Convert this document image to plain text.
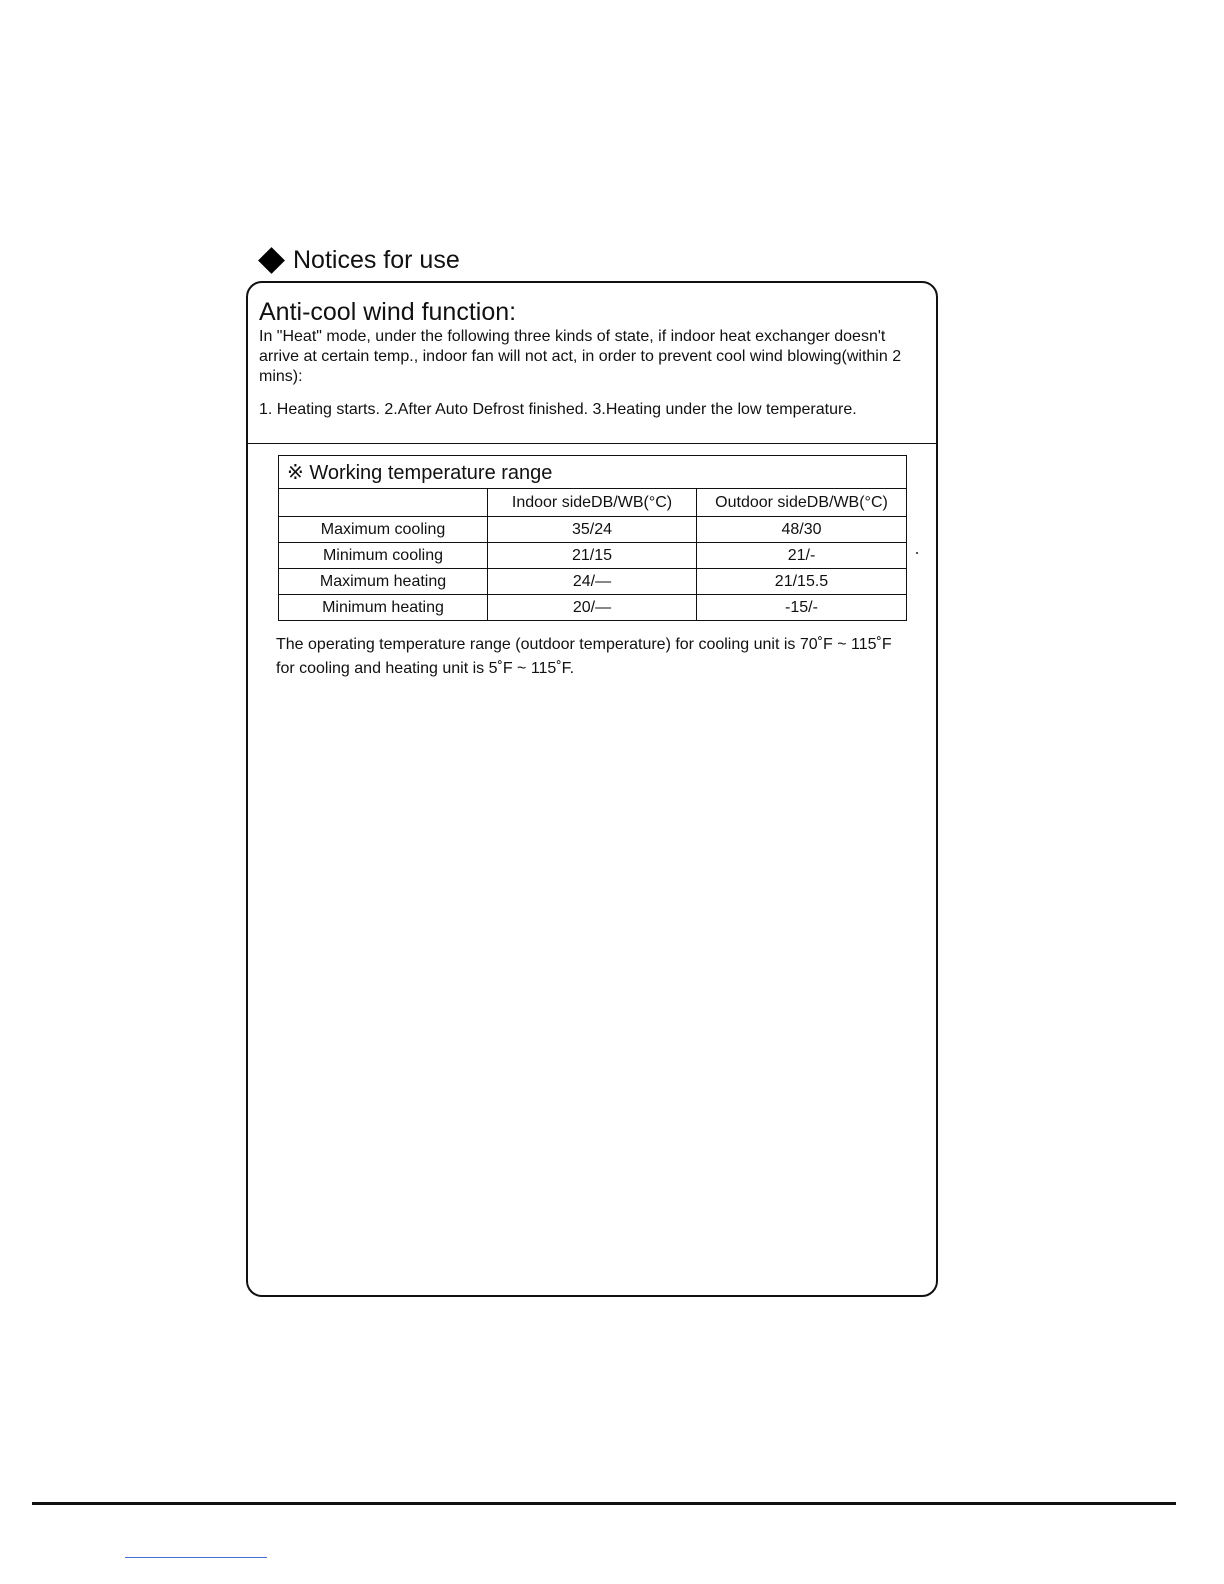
Notices for use
Anti-cool wind function:
In "Heat" mode, under the following three kinds of state, if indoor heat exchanger doesn't arrive at certain temp., indoor fan will not act, in order to prevent cool wind blowing(within 2 mins):
1. Heating starts. 2.After Auto Defrost finished. 3.Heating under the low temperature.
※ Working temperature range		
	Indoor sideDB/WB(°C)	Outdoor sideDB/WB(°C)
Maximum cooling	35/24	48/30
Minimum cooling	21/15	21/-
Maximum heating	24/—	21/15.5
Minimum heating	20/—	-15/-
The operating temperature range (outdoor temperature) for cooling unit is 70˚F ~ 115˚F
for cooling and heating unit is 5˚F ~ 115˚F.
